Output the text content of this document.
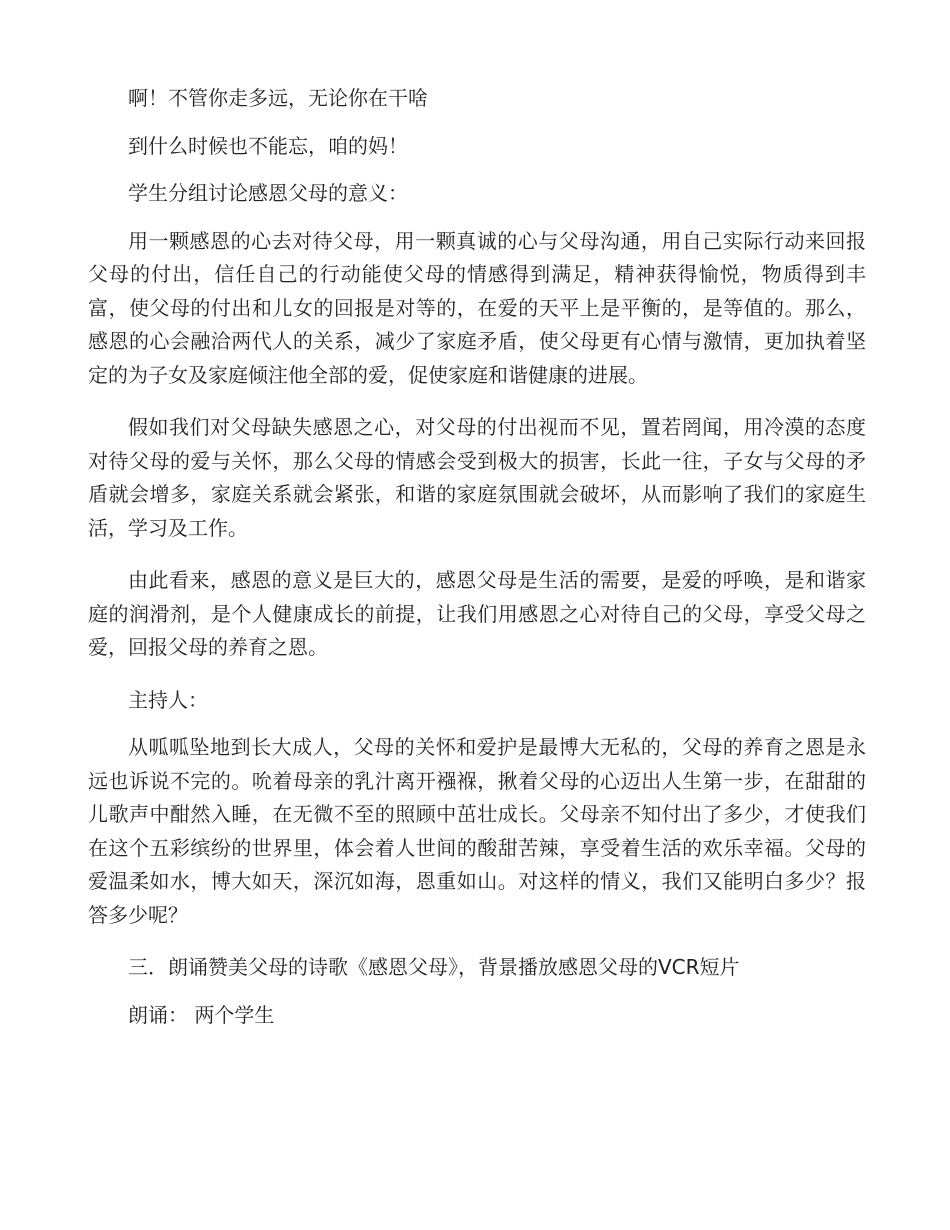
啊！不管你走多远，无论你在干啥

到什么时候也不能忘，咱的妈！

学生分组讨论感恩父母的意义：

用一颗感恩的心去对待父母，用一颗真诚的心与父母沟通，用自己实际行动来回报父母的付出，信任自己的行动能使父母的情感得到满足，精神获得愉悦，物质得到丰富，使父母的付出和儿女的回报是对等的，在爱的天平上是平衡的，是等值的。那么，感恩的心会融洽两代人的关系，减少了家庭矛盾，使父母更有心情与激情，更加执着坚定的为子女及家庭倾注他全部的爱，促使家庭和谐健康的进展。

假如我们对父母缺失感恩之心，对父母的付出视而不见，置若罔闻，用冷漠的态度对待父母的爱与关怀，那么父母的情感会受到极大的损害，长此一往，子女与父母的矛盾就会增多，家庭关系就会紧张，和谐的家庭氛围就会破坏，从而影响了我们的家庭生活，学习及工作。

由此看来，感恩的意义是巨大的，感恩父母是生活的需要，是爱的呼唤，是和谐家庭的润滑剂，是个人健康成长的前提，让我们用感恩之心对待自己的父母，享受父母之爱，回报父母的养育之恩。

主持人：

从呱呱坠地到长大成人，父母的关怀和爱护是最博大无私的，父母的养育之恩是永远也诉说不完的。吮着母亲的乳汁离开襁褓，揪着父母的心迈出人生第一步，在甜甜的儿歌声中酣然入睡，在无微不至的照顾中茁壮成长。父母亲不知付出了多少，才使我们在这个五彩缤纷的世界里，体会着人世间的酸甜苦辣，享受着生活的欢乐幸福。父母的爱温柔如水，博大如天，深沉如海，恩重如山。对这样的情义，我们又能明白多少？报答多少呢？

三．朗诵赞美父母的诗歌《感恩父母》，背景播放感恩父母的VCR短片

朗诵： 两个学生
